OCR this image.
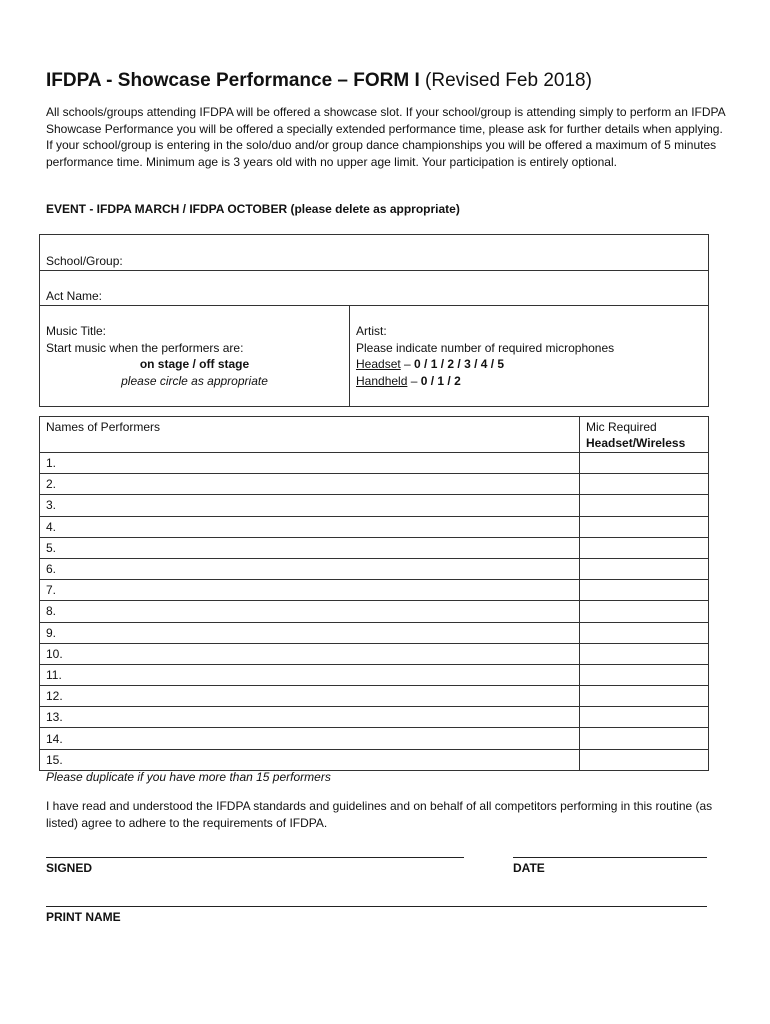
IFDPA - Showcase Performance – FORM I (Revised Feb 2018)

All schools/groups attending IFDPA will be offered a showcase slot. If your school/group is attending simply to perform an IFDPA Showcase Performance you will be offered a specially extended performance time, please ask for further details when applying. If your school/group is entering in the solo/duo and/or group dance championships you will be offered a maximum of 5 minutes performance time. Minimum age is 3 years old with no upper age limit. Your participation is entirely optional.

EVENT - IFDPA MARCH / IFDPA OCTOBER (please delete as appropriate)

School/Group:
Act Name:

Music Title:
Start music when the performers are:
on stage / off stage
please circle as appropriate

Artist:
Please indicate number of required microphones
Headset – 0 / 1 / 2 / 3 / 4 / 5
Handheld – 0 / 1 / 2
Names of Performers	Mic Required
Headset/Wireless

1.	
2.	
3.	
4.	
5.	
6.	
7.	
8.	
9.	
10.	
11.	
12.	
13.	
14.	
15.	

Please duplicate if you have more than 15 performers

I have read and understood the IFDPA standards and guidelines and on behalf of all competitors performing in this routine (as listed) agree to adhere to the requirements of IFDPA.

SIGNED	DATE
PRINT NAME
